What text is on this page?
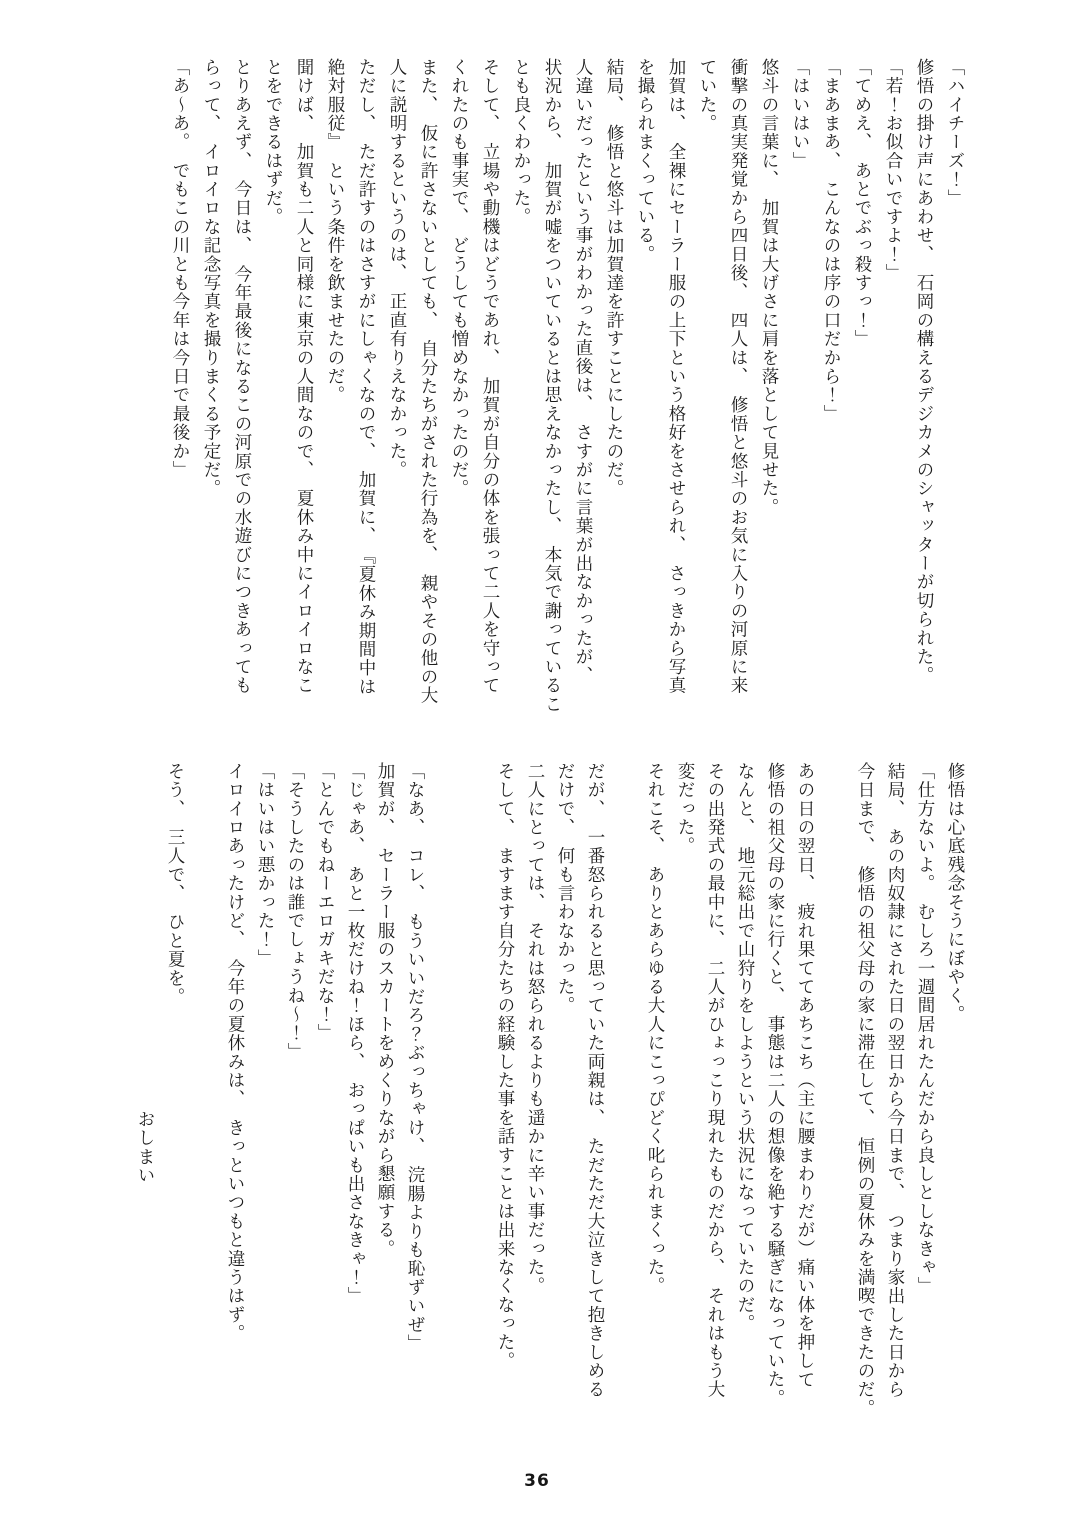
「ハイチーズ！」
修悟の掛け声にあわせ、　石岡の構えるデジカメのシャッターが切られた。
「若！お似合いですよ！」
「てめえ、　あとでぶっ殺すっ！」
「まあまあ、　こんなのは序の口だから！」
「はいはい」
悠斗の言葉に、　加賀は大げさに肩を落として見せた。
衝撃の真実発覚から四日後、　四人は、　修悟と悠斗のお気に入りの河原に来
ていた。
加賀は、　全裸にセーラー服の上下という格好をさせられ、　さっきから写真
を撮られまくっている。
結局、　修悟と悠斗は加賀達を許すことにしたのだ。
人違いだったという事がわかった直後は、　さすがに言葉が出なかったが、
状況から、　加賀が嘘をついているとは思えなかったし、　本気で謝っているこ
とも良くわかった。
そして、　立場や動機はどうであれ、　加賀が自分の体を張って二人を守って
くれたのも事実で、　どうしても憎めなかったのだ。
また、　仮に許さないとしても、　自分たちがされた行為を、　親やその他の大
人に説明するというのは、　正直有りえなかった。
ただし、　ただ許すのはさすがにしゃくなので、　加賀に、　『夏休み期間中は
絶対服従』　という条件を飲ませたのだ。
聞けば、　加賀も二人と同様に東京の人間なので、　夏休み中にイロイロなこ
とをできるはずだ。
とりあえず、　今日は、　今年最後になるこの河原での水遊びにつきあっても
らって、　イロイロな記念写真を撮りまくる予定だ。
「あ〜あ。　でもこの川とも今年は今日で最後か」
修悟は心底残念そうにぼやく。
「仕方ないよ。　むしろ一週間居れたんだから良しとしなきゃ」
結局、　あの肉奴隷にされた日の翌日から今日まで、　つまり家出した日から
今日まで、　修悟の祖父母の家に滞在して、　恒例の夏休みを満喫できたのだ。

あの日の翌日、　疲れ果ててあちこち（主に腰まわりだが）痛い体を押して
修悟の祖父母の家に行くと、　事態は二人の想像を絶する騒ぎになっていた。
なんと、　地元総出で山狩りをしようという状況になっていたのだ。
その出発式の最中に、　二人がひょっこり現れたものだから、　それはもう大
変だった。
それこそ、　ありとあらゆる大人にこっぴどく叱られまくった。

だが、　一番怒られると思っていた両親は、　ただただ大泣きして抱きしめる
だけで、　何も言わなかった。
二人にとっては、　それは怒られるよりも遥かに辛い事だった。
そして、　ますます自分たちの経験した事を話すことは出来なくなった。

「なあ、　コレ、　もういいだろ？ぶっちゃけ、　浣腸よりも恥ずいぜ」
加賀が、　セーラー服のスカートをめくりながら懇願する。
「じゃあ、　あと一枚だけね！ほら、　おっぱいも出さなきゃ！」
「とんでもねーエロガキだな！」
「そうしたのは誰でしょうね〜！」
「はいはい悪かった！」
イロイロあったけど、　今年の夏休みは、　きっといつもと違うはず。

そう、　三人で、　ひと夏を。
おしまい
36
